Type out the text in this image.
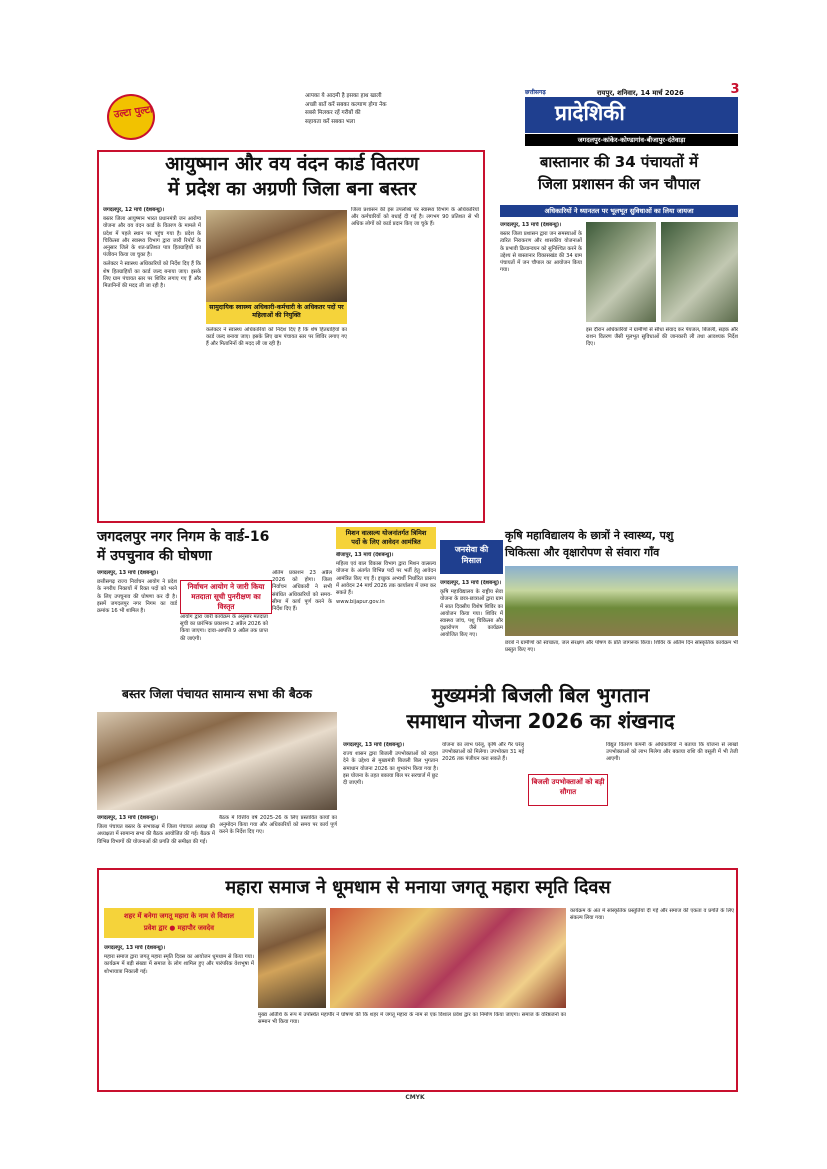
उल्टा पुल्टा
आपका ये आदमी है इसका हाथ खाली
अच्छी बातें करें सबका कल्याण होगा नेक
सबसे मिलकर रहें गरीबों की
सहायता करें सबका भला
छत्तीसगढ़	रायपुर, शनिवार, 14 मार्च 2026	3
प्रादेशिकी
जगदलपुर-कांकेर-कोण्डागांव-बीजापुर-दंतेवाड़ा
आयुष्मान और वय वंदन कार्ड वितरण
में प्रदेश का अग्रणी जिला बना बस्तर

जगदलपुर, 12 मार्च (देशबन्धु)।

बस्तर जिला आयुष्मान भारत प्रधानमंत्री जन आरोग्य योजना और वय वंदन कार्ड के वितरण के मामले में प्रदेश में पहले स्थान पर पहुंच गया है। प्रदेश के चिकित्सा और स्वास्थ्य विभाग द्वारा जारी रिपोर्ट के अनुसार जिले के शत-प्रतिशत पात्र हितग्राहियों का पंजीयन किया जा चुका है।

कलेक्टर ने स्वास्थ्य अधिकारियों को निर्देश दिए हैं कि शेष हितग्राहियों का कार्ड जल्द बनाया जाए। इसके लिए ग्राम पंचायत स्तर पर शिविर लगाए गए हैं और मितानिनों की मदद ली जा रही है।

सामुदायिक स्वास्थ्य अधिकारी-कर्मचारी के अधिकतर पदों पर महिलाओं की नियुक्ति

जिला प्रशासन की इस उपलब्धि पर स्वास्थ्य विभाग के अधिकारियों और कर्मचारियों को बधाई दी गई है। लगभग 90 प्रतिशत से भी अधिक लोगों को कार्ड प्रदान किए जा चुके हैं।

कलेक्टर ने स्वास्थ्य अधिकारियों को निर्देश दिए हैं कि शेष हितग्राहियों का कार्ड जल्द बनाया जाए। इसके लिए ग्राम पंचायत स्तर पर शिविर लगाए गए हैं और मितानिनों की मदद ली जा रही है।

बास्तानार की 34 पंचायतों में
जिला प्रशासन की जन चौपाल
अधिकारियों ने ध्यानतल पर भूलभूत सुविधाओं का लिया जायजा

जगदलपुर, 13 मार्च (देशबन्धु)।

बस्तर जिला प्रशासन द्वारा जन समस्याओं के त्वरित निराकरण और शासकीय योजनाओं के प्रभावी क्रियान्वयन को सुनिश्चित करने के उद्देश्य से बास्तानार विकासखंड की 34 ग्राम पंचायतों में जन चौपाल का आयोजन किया गया।

इस दौरान अधिकारियों ने ग्रामीणों से सीधा संवाद कर पेयजल, बिजली, सड़क और राशन वितरण जैसी मूलभूत सुविधाओं की जानकारी ली तथा आवश्यक निर्देश दिए।

जगदलपुर नगर निगम के वार्ड-16
में उपचुनाव की घोषणा
निर्वाचन आयोग ने जारी किया मतदाता सूची पुनरीक्षण का विस्तृत

जगदलपुर, 13 मार्च (देशबन्धु)।

छत्तीसगढ़ राज्य निर्वाचन आयोग ने प्रदेश के नगरीय निकायों में रिक्त पदों को भरने के लिए उपचुनाव की घोषणा कर दी है। इसमें जगदलपुर नगर निगम का वार्ड क्रमांक 16 भी शामिल है।

आयोग द्वारा जारी कार्यक्रम के अनुसार मतदाता सूची का प्रारंभिक प्रकाशन 2 अप्रैल 2026 को किया जाएगा। दावा-आपत्ति 9 अप्रैल तक प्राप्त की जाएंगी।

अंतिम प्रकाशन 23 अप्रैल 2026 को होगा। जिला निर्वाचन अधिकारी ने सभी संबंधित अधिकारियों को समय-सीमा में कार्य पूर्ण करने के निर्देश दिए हैं।

मिशन वात्सल्य योजनांतर्गत त्रिमिश
पदों के लिए आवेदन आमंत्रित

बीजापुर, 13 मार्च (देशबन्धु)।

महिला एवं बाल विकास विभाग द्वारा मिशन वात्सल्य योजना के अंतर्गत विभिन्न पदों पर भर्ती हेतु आवेदन आमंत्रित किए गए हैं। इच्छुक अभ्यर्थी निर्धारित प्रारूप में आवेदन 24 मार्च 2026 तक कार्यालय में जमा कर सकते हैं।

www.bijapur.gov.in

जनसेवा की
मिसाल
कृषि महाविद्यालय के छात्रों ने स्वास्थ्य, पशु
चिकित्सा और वृक्षारोपण से संवारा गाँव

जगदलपुर, 13 मार्च (देशबन्धु)।

कृषि महाविद्यालय के राष्ट्रीय सेवा योजना के छात्र-छात्राओं द्वारा ग्राम में सात दिवसीय विशेष शिविर का आयोजन किया गया। शिविर में स्वास्थ्य जांच, पशु चिकित्सा और वृक्षारोपण जैसे कार्यक्रम आयोजित किए गए।

छात्रों ने ग्रामीणों को स्वच्छता, जल संरक्षण और पोषण के प्रति जागरूक किया। शिविर के अंतिम दिन सांस्कृतिक कार्यक्रम भी प्रस्तुत किए गए।

बस्तर जिला पंचायत सामान्य सभा की बैठक

जगदलपुर, 13 मार्च (देशबन्धु)।

जिला पंचायत बस्तर के सभाकक्ष में जिला पंचायत अध्यक्ष की अध्यक्षता में सामान्य सभा की बैठक आयोजित की गई। बैठक में विभिन्न विभागों की योजनाओं की प्रगति की समीक्षा की गई।

बैठक में वित्तीय वर्ष 2025-26 के लिए प्रस्तावित कार्यों का अनुमोदन किया गया और अधिकारियों को समय पर कार्य पूर्ण करने के निर्देश दिए गए।

मुख्यमंत्री बिजली बिल भुगतान
समाधान योजना 2026 का शंखनाद

जगदलपुर, 13 मार्च (देशबन्धु)।

राज्य शासन द्वारा बिजली उपभोक्ताओं को राहत देने के उद्देश्य से मुख्यमंत्री बिजली बिल भुगतान समाधान योजना 2026 का शुभारंभ किया गया है। इस योजना के तहत बकाया बिल पर सरचार्ज में छूट दी जाएगी।	बिजली उपभोक्ताओं को बड़ी सौगात

योजना का लाभ घरेलू, कृषि और गैर घरेलू उपभोक्ताओं को मिलेगा। उपभोक्ता 31 मई 2026 तक पंजीयन करा सकते हैं।

विद्युत वितरण कंपनी के अधिकारियों ने बताया कि योजना से लाखों उपभोक्ताओं को लाभ मिलेगा और बकाया राशि की वसूली में भी तेजी आएगी।

महारा समाज ने धूमधाम से मनाया जगतू महारा स्मृति दिवस
शहर में बनेगा जगतू महारा के नाम से विशाल
प्रवेश द्वार ● महापौर जवदेव

जगदलपुर, 13 मार्च (देशबन्धु)।

महारा समाज द्वारा जगतू महारा स्मृति दिवस का आयोजन धूमधाम से किया गया। कार्यक्रम में बड़ी संख्या में समाज के लोग शामिल हुए और पारंपरिक वेशभूषा में शोभायात्रा निकाली गई।

मुख्य अतिथि के रूप में उपस्थित महापौर ने घोषणा की कि शहर में जगतू महारा के नाम से एक विशाल प्रवेश द्वार का निर्माण किया जाएगा। समाज के वरिष्ठजनों का सम्मान भी किया गया।

कार्यक्रम के अंत में सांस्कृतिक प्रस्तुतियां दी गईं और समाज की एकता व प्रगति के लिए संकल्प लिया गया।

CMYK
